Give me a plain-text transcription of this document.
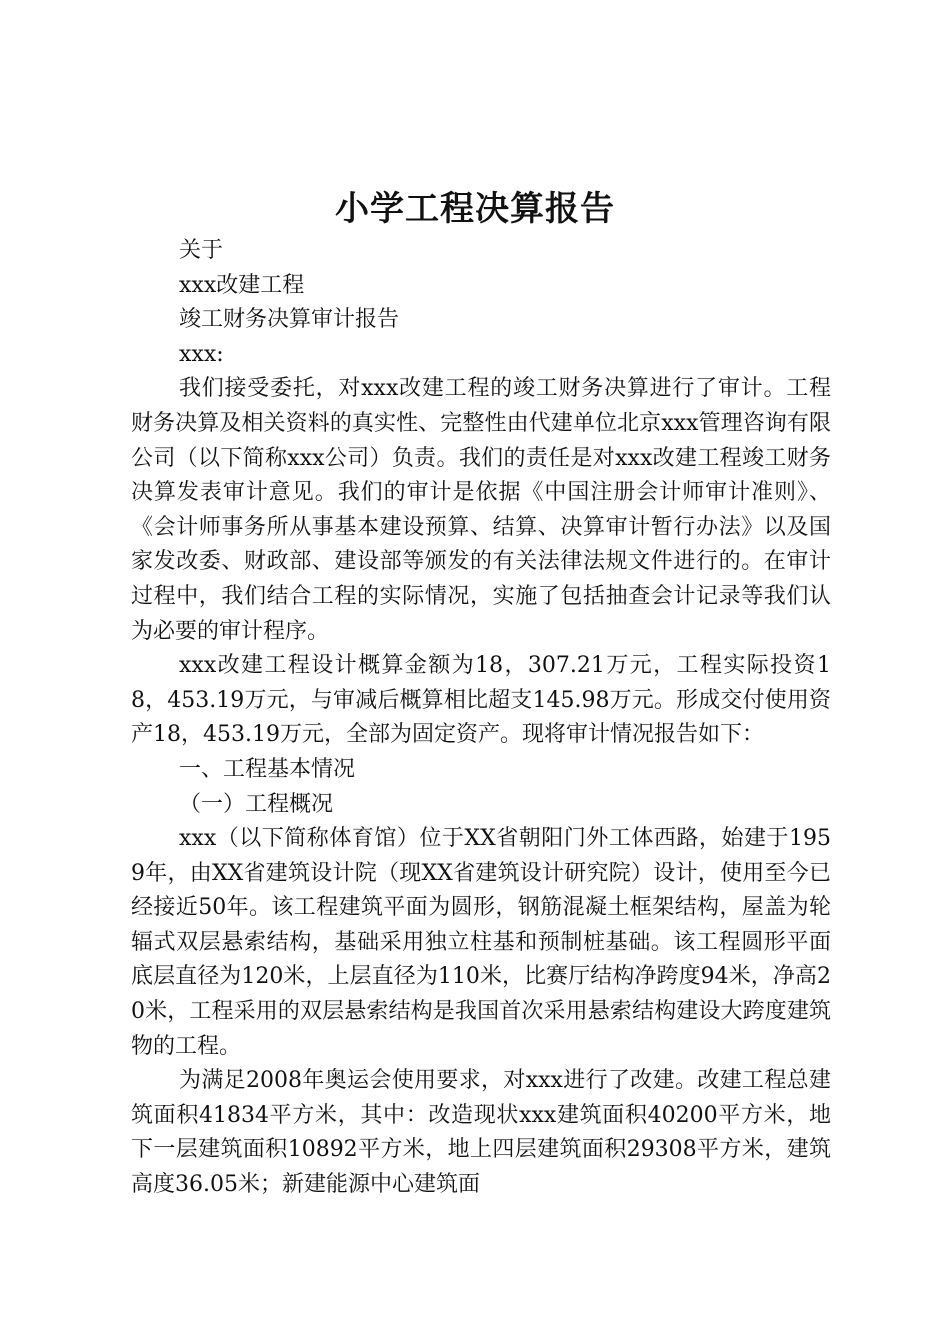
小学工程决算报告

关于

xxx改建工程

竣工财务决算审计报告

xxx:

我们接受委托，对xxx改建工程的竣工财务决算进行了审计。工程财务决算及相关资料的真实性、完整性由代建单位北京xxx管理咨询有限公司（以下简称xxx公司）负责。我们的责任是对xxx改建工程竣工财务决算发表审计意见。我们的审计是依据《中国注册会计师审计准则》、《会计师事务所从事基本建设预算、结算、决算审计暂行办法》以及国家发改委、财政部、建设部等颁发的有关法律法规文件进行的。在审计过程中，我们结合工程的实际情况，实施了包括抽查会计记录等我们认为必要的审计程序。

xxx改建工程设计概算金额为18，307.21万元，工程实际投资18，453.19万元，与审减后概算相比超支145.98万元。形成交付使用资产18，453.19万元，全部为固定资产。现将审计情况报告如下：

一、工程基本情况

（一）工程概况

xxx（以下简称体育馆）位于XX省朝阳门外工体西路，始建于1959年，由XX省建筑设计院（现XX省建筑设计研究院）设计，使用至今已经接近50年。该工程建筑平面为圆形，钢筋混凝土框架结构，屋盖为轮辐式双层悬索结构，基础采用独立柱基和预制桩基础。该工程圆形平面底层直径为120米，上层直径为110米，比赛厅结构净跨度94米，净高20米，工程采用的双层悬索结构是我国首次采用悬索结构建设大跨度建筑物的工程。

为满足2008年奥运会使用要求，对xxx进行了改建。改建工程总建筑面积41834平方米，其中：改造现状xxx建筑面积40200平方米，地下一层建筑面积10892平方米，地上四层建筑面积29308平方米，建筑高度36.05米；新建能源中心建筑面
